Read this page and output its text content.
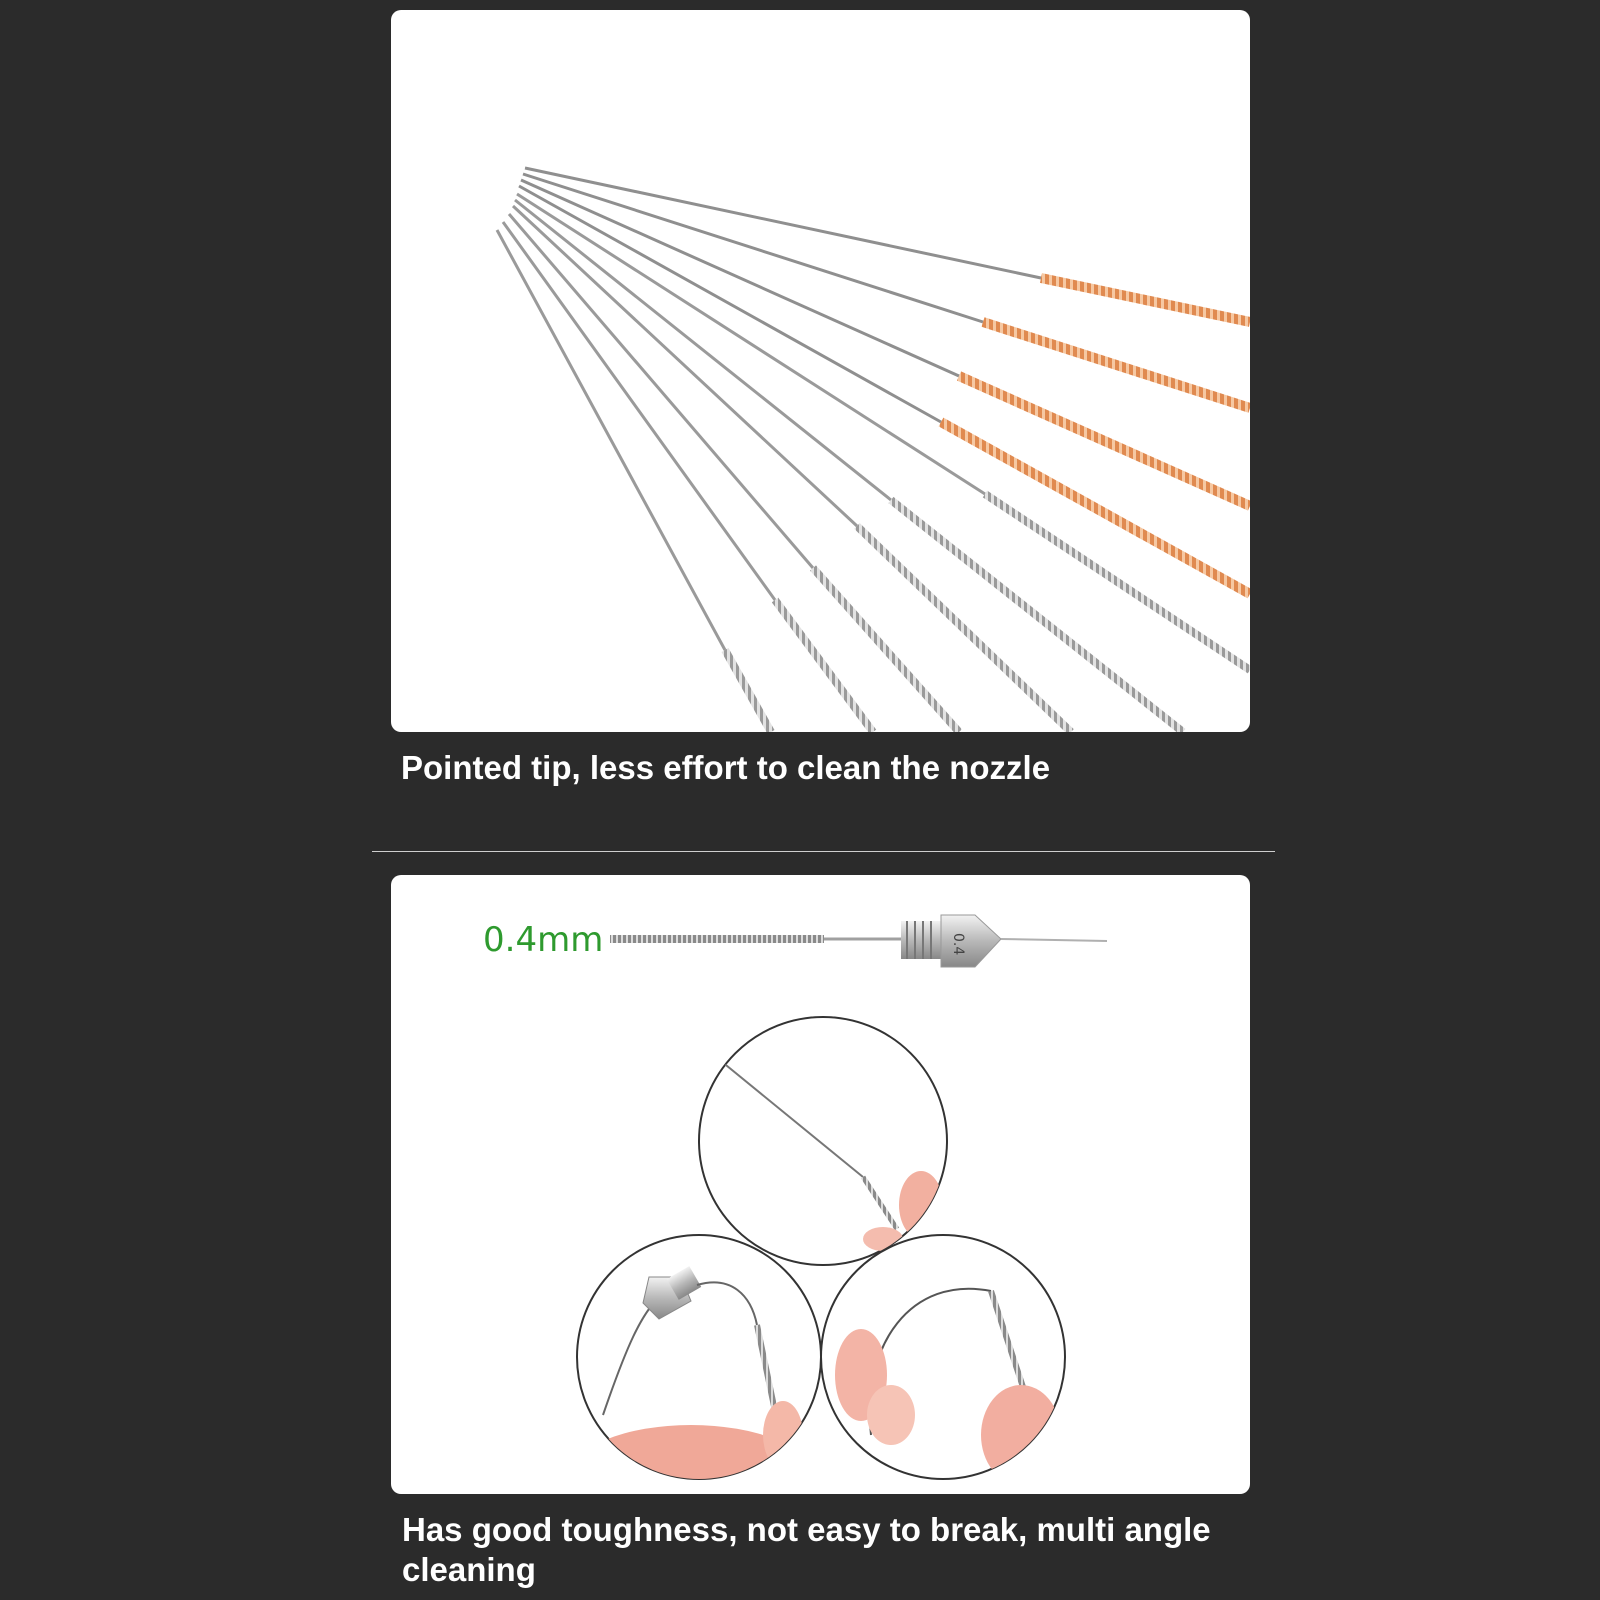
Pointed tip, less effort to clean the nozzle

0.4
0.4mm

Has good toughness, not easy to break, multi angle cleaning
